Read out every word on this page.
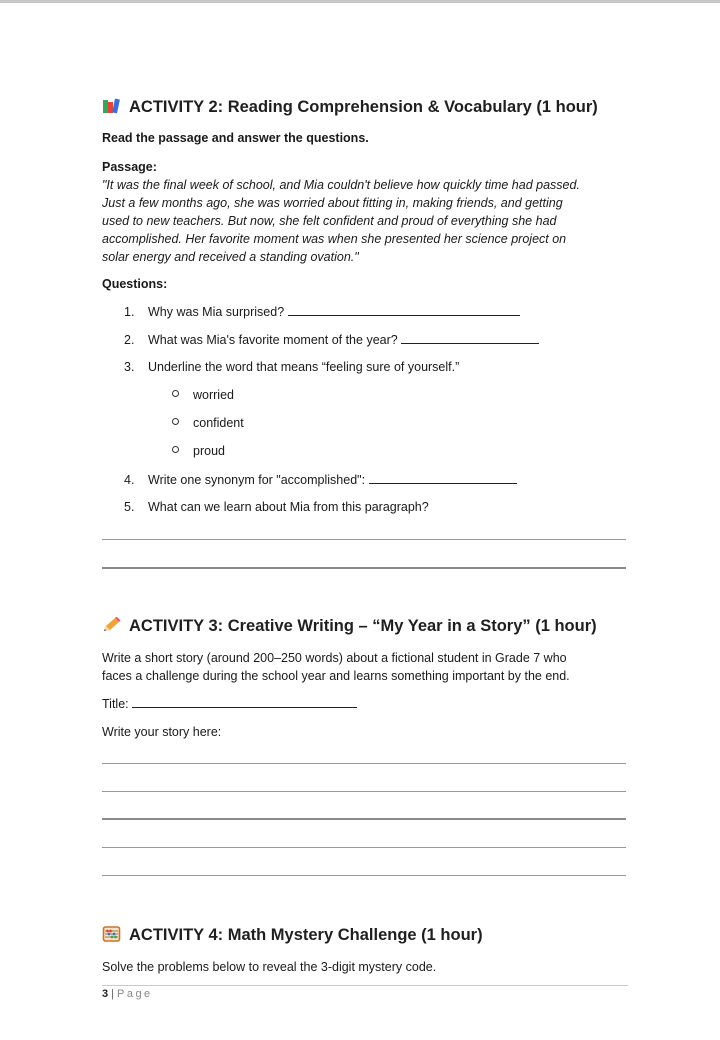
ACTIVITY 2: Reading Comprehension & Vocabulary (1 hour)
Read the passage and answer the questions.
Passage:
"It was the final week of school, and Mia couldn't believe how quickly time had passed.
Just a few months ago, she was worried about fitting in, making friends, and getting
used to new teachers. But now, she felt confident and proud of everything she had
accomplished. Her favorite moment was when she presented her science project on
solar energy and received a standing ovation."
Questions:
1. Why was Mia surprised?
2. What was Mia's favorite moment of the year?
3. Underline the word that means “feeling sure of yourself.”
worried
confident
proud
4. Write one synonym for "accomplished":
5. What can we learn about Mia from this paragraph?
ACTIVITY 3: Creative Writing – “My Year in a Story” (1 hour)
Write a short story (around 200–250 words) about a fictional student in Grade 7 who
faces a challenge during the school year and learns something important by the end.
Title:
Write your story here:
ACTIVITY 4: Math Mystery Challenge (1 hour)
Solve the problems below to reveal the 3-digit mystery code.
3 | Page
